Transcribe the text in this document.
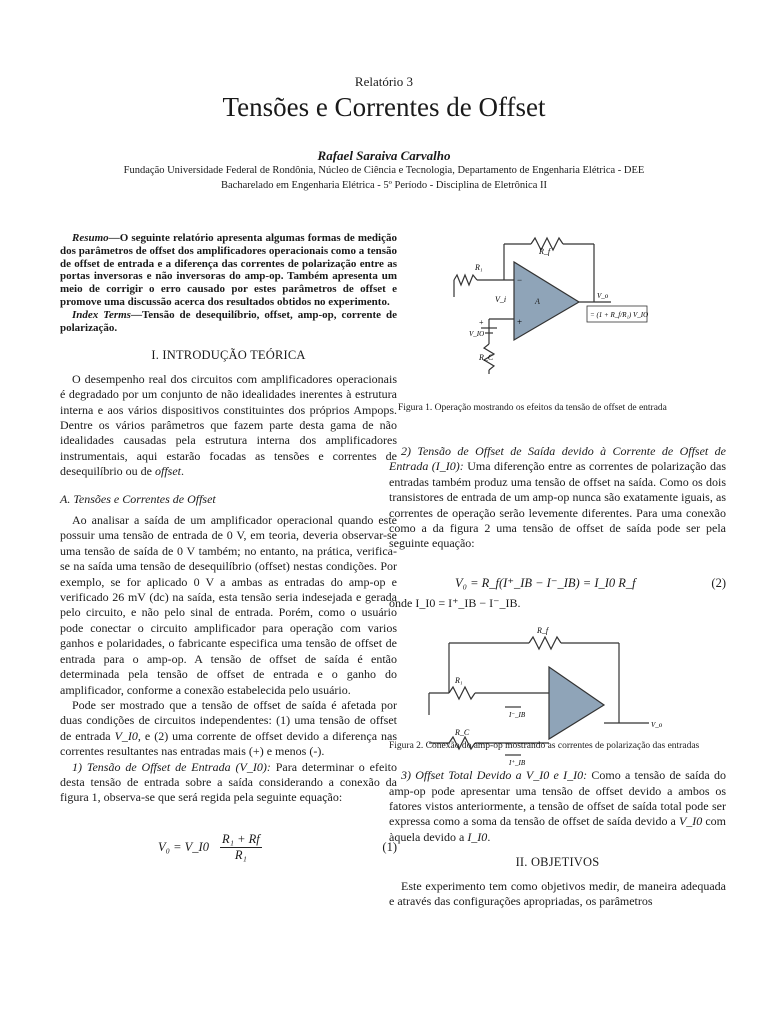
Relatório 3
Tensões e Correntes de Offset
Rafael Saraiva Carvalho
Fundação Universidade Federal de Rondônia, Núcleo de Ciência e Tecnologia, Departamento de Engenharia Elétrica - DEE
Bacharelado em Engenharia Elétrica - 5º Período - Disciplina de Eletrônica II

Resumo—O seguinte relatório apresenta algumas formas de medição dos parâmetros de offset dos amplificadores operacionais como a tensão de offset de entrada e a diferença das correntes de polarização entre as portas inversoras e não inversoras do amp-op. Também apresenta um meio de corrigir o erro causado por estes parâmetros de offset e promove uma discussão acerca dos resultados obtidos no experimento.

Index Terms—Tensão de desequilíbrio, offset, amp-op, corrente de polarização.

I. INTRODUÇÃO TEÓRICA

O desempenho real dos circuitos com amplificadores operacionais é degradado por um conjunto de não idealidades inerentes à estrutura interna e aos vários dispositivos constituintes dos próprios Ampops. Dentre os vários parâmetros que fazem parte desta gama de não idealidades causadas pela estrutura interna dos amplificadores instrumentais, aqui estarão focadas as tensões e correntes de desequilíbrio ou de offset.

A. Tensões e Correntes de Offset

Ao analisar a saída de um amplificador operacional quando este possuir uma tensão de entrada de 0 V, em teoria, deveria observar-se uma tensão de saída de 0 V também; no entanto, na prática, verifica-se na saída uma tensão de desequilíbrio (offset) nestas condições. Por exemplo, se for aplicado 0 V a ambas as entradas do amp-op e verificado 26 mV (dc) na saída, esta tensão seria indesejada e gerada pelo circuito, e não pelo sinal de entrada. Porém, como o usuário pode conectar o circuito amplificador para operação com varios ganhos e polaridades, o fabricante especifica uma tensão de offset de entrada para o amp-op. A tensão de offset de saída é então determinada pela tensão de offset de entrada e o ganho do amplificador, conforme a conexão estabelecida pelo usuário.

Pode ser mostrado que a tensão de offset de saída é afetada por duas condições de circuitos independentes: (1) uma tensão de offset de entrada V_I0, e (2) uma corrente de offset devido a diferença nas correntes resultantes nas entradas mais (+) e menos (-).

1) Tensão de Offset de Entrada (V_I0): Para determinar o efeito desta tensão de entrada sobre a saída considerando a conexão da figura 1, observa-se que será regida pela seguinte equação:

V₀ = V_I0 $\frac{\text{R₁ + Rf}}{\text{R₁}}$	(1)
R_f
R₁
V_i	A
−
+
+
V_IO
R_C
V_o
= (1 + R_f/R₁) V_IO
Figura 1. Operação mostrando os efeitos da tensão de offset de entrada

2) Tensão de Offset de Saída devido à Corrente de Offset de Entrada (I_I0): Uma diferenção entre as correntes de polarização das entradas também produz uma tensão de offset na saída. Como os dois transistores de entrada de um amp-op nunca são exatamente iguais, as correntes de operação serão levemente diferentes. Para uma conexão como a da figura 2 uma tensão de offset de saída pode ser pela seguinte equação:

V₀ = R_f(I⁺_IB − I⁻_IB) = I_I0 R_f	(2)

onde I_I0 = I⁺_IB − I⁻_IB.

R_f
R₁
R_C
I⁻_IB
I⁺_IB
V_o
Figura 2. Conexão do amp-op mostrando as correntes de polarização das entradas

3) Offset Total Devido a V_I0 e I_I0: Como a tensão de saída do amp-op pode apresentar uma tensão de offset devido a ambos os fatores vistos anteriormente, a tensão de offset de saída total pode ser expressa como a soma da tensão de offset de saída devido a V_I0 com àquela devido a I_I0.

II. OBJETIVOS

Este experimento tem como objetivos medir, de maneira adequada e através das configurações apropriadas, os parâmetros
